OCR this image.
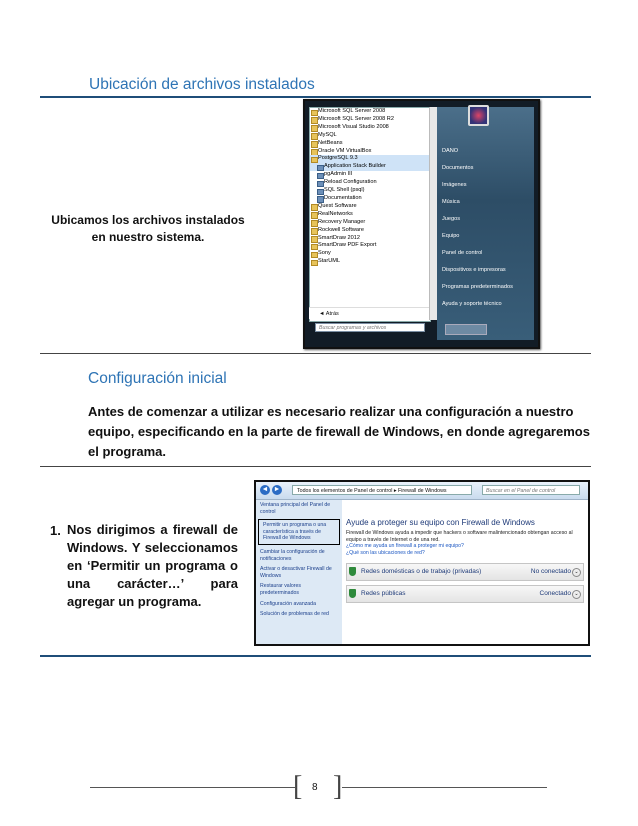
Ubicación de archivos instalados
Ubicamos los archivos instalados en nuestro sistema.
Microsoft SQL Server 2008
Microsoft SQL Server 2008 R2
Microsoft Visual Studio 2008
MySQL
NetBeans
Oracle VM VirtualBox
PostgreSQL 9.3
Application Stack Builder
pgAdmin III
Reload Configuration
SQL Shell (psql)
Documentation
Quest Software
RealNetworks
Recovery Manager
Rockwell Software
SmartDraw 2012
SmartDraw PDF Export
Sony
StarUML
◄ Atrás
DANO
Documentos
Imágenes
Música
Juegos
Equipo
Panel de control
Dispositivos e impresoras
Programas predeterminados
Ayuda y soporte técnico
Buscar programas y archivos
Configuración inicial
Antes de comenzar a utilizar es necesario realizar una configuración a nuestro equipo, especificando en la parte de firewall de Windows, en donde agregaremos el programa.
1. Nos dirigimos a firewall de Windows. Y seleccionamos en ‘Permitir un programa o una carácter…’ para agregar un programa.
◄ ►	Todos los elementos de Panel de control ▸ Firewall de Windows	Buscar en el Panel de control
Ventana principal del Panel de control
Permitir un programa o una característica a través de Firewall de Windows
Cambiar la configuración de notificaciones
Activar o desactivar Firewall de Windows
Restaurar valores predeterminados
Configuración avanzada
Solución de problemas de red
Ayude a proteger su equipo con Firewall de Windows
Firewall de Windows ayuda a impedir que hackers o software malintencionado obtengan acceso al equipo a través de Internet o de una red.
¿Cómo me ayuda un firewall a proteger mi equipo?
¿Qué son las ubicaciones de red?
Redes domésticas o de trabajo (privadas)	No conectado ⌄
Redes públicas	Conectado ⌄
[ ]
8
